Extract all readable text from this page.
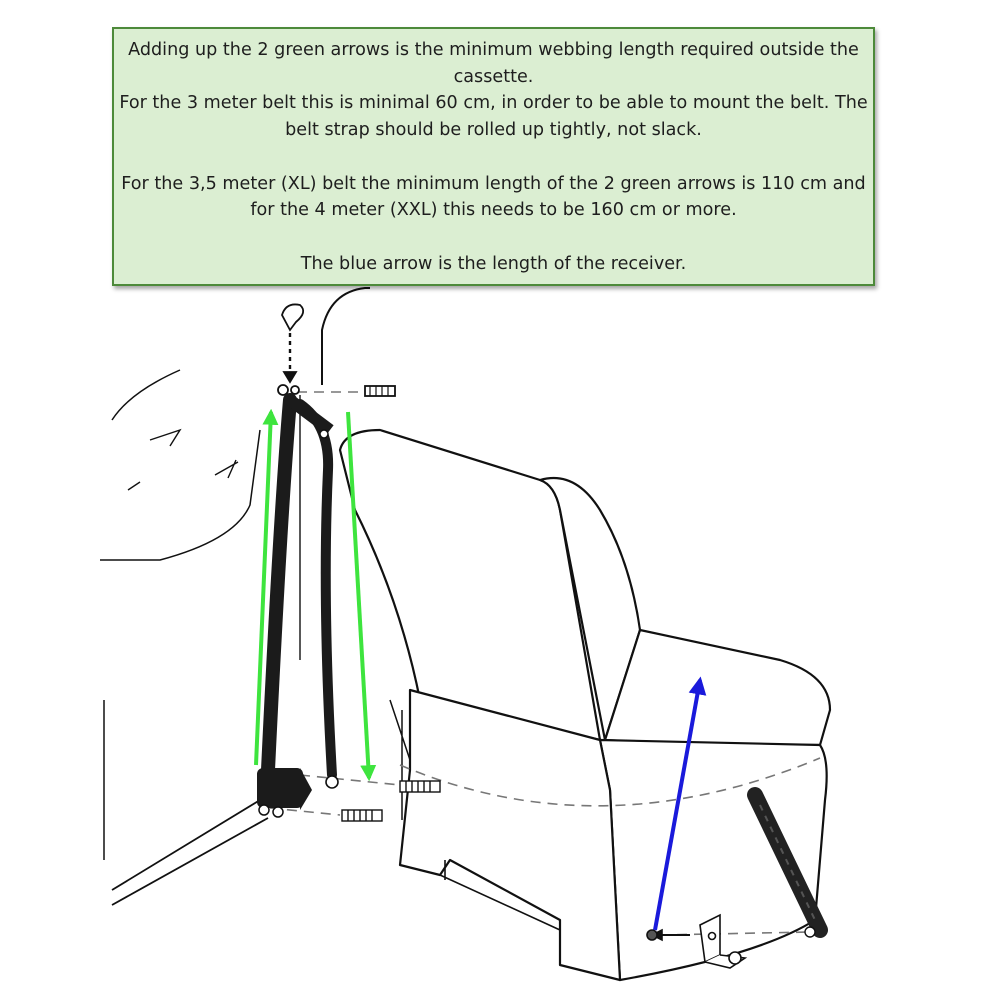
Adding up the 2 green arrows is the minimum webbing length required outside the cassette.

For the 3 meter belt this is minimal 60 cm, in order to be able to mount the belt. The belt strap should be rolled up tightly, not slack.

For the 3,5 meter (XL) belt the minimum length of the 2 green arrows is 110 cm and for the 4 meter (XXL) this needs to be 160 cm or more.

The blue arrow is the length of the receiver.
